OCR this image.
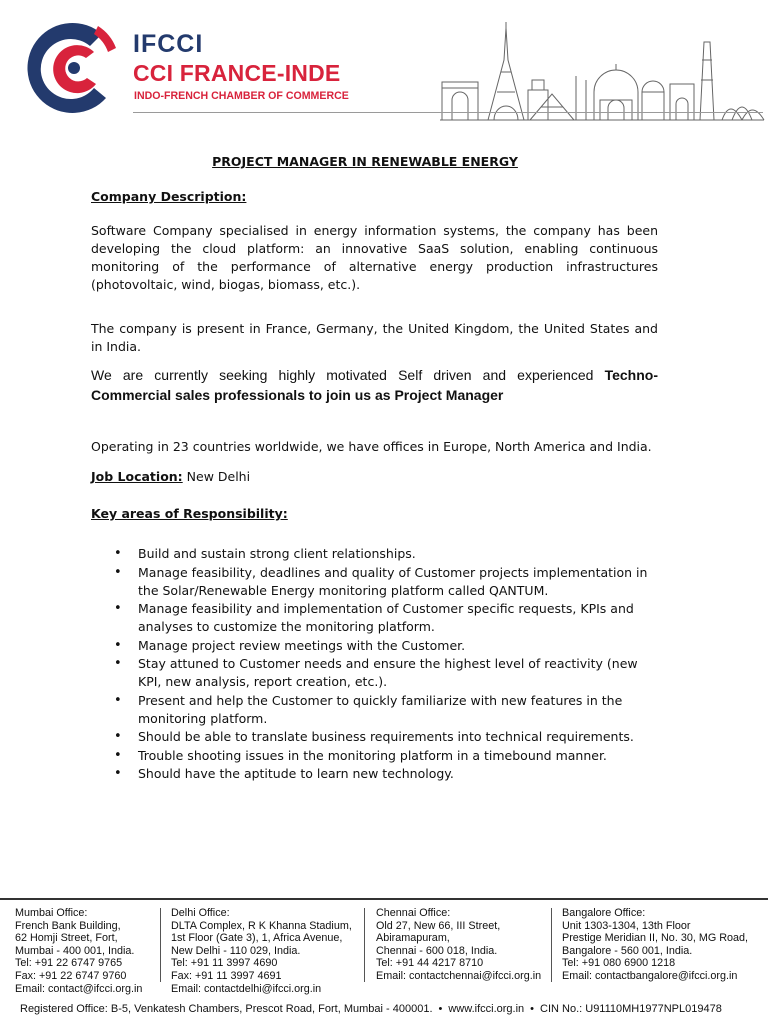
IFCCI
CCI FRANCE-INDE
INDO-FRENCH CHAMBER OF COMMERCE
PROJECT MANAGER IN RENEWABLE ENERGY
Company Description:
Software Company specialised in energy information systems, the company has been developing the cloud platform: an innovative SaaS solution, enabling continuous monitoring of the performance of alternative energy production infrastructures (photovoltaic, wind, biogas, biomass, etc.).
The company is present in France, Germany, the United Kingdom, the United States and in India.
We are currently seeking highly motivated Self driven and experienced Techno-Commercial sales professionals to join us as Project Manager
Operating in 23 countries worldwide, we have offices in Europe, North America and India.
Job Location: New Delhi
Key areas of Responsibility:
• Build and sustain strong client relationships.
• Manage feasibility, deadlines and quality of Customer projects implementation in the Solar/Renewable Energy monitoring platform called QANTUM.
• Manage feasibility and implementation of Customer specific requests, KPIs and analyses to customize the monitoring platform.
• Manage project review meetings with the Customer.
• Stay attuned to Customer needs and ensure the highest level of reactivity (new KPI, new analysis, report creation, etc.).
• Present and help the Customer to quickly familiarize with new features in the monitoring platform.
• Should be able to translate business requirements into technical requirements.
• Trouble shooting issues in the monitoring platform in a timebound manner.
• Should have the aptitude to learn new technology.
Mumbai Office:
French Bank Building,
62 Homji Street, Fort,
Mumbai - 400 001, India.
Tel: +91 22 6747 9765
Fax: +91 22 6747 9760
Email: contact@ifcci.org.in
Delhi Office:
DLTA Complex, R K Khanna Stadium,
1st Floor (Gate 3), 1, Africa Avenue,
New Delhi - 110 029, India.
Tel: +91 11 3997 4690
Fax: +91 11 3997 4691
Email: contactdelhi@ifcci.org.in
Chennai Office:
Old 27, New 66, III Street,
Abiramapuram,
Chennai - 600 018, India.
Tel: +91 44 4217 8710
Email: contactchennai@ifcci.org.in
Bangalore Office:
Unit 1303-1304, 13th Floor
Prestige Meridian II, No. 30, MG Road,
Bangalore - 560 001, India.
Tel: +91 080 6900 1218
Email: contactbangalore@ifcci.org.in
Registered Office: B-5, Venkatesh Chambers, Prescot Road, Fort, Mumbai - 400001. • www.ifcci.org.in • CIN No.: U91110MH1977NPL019478
